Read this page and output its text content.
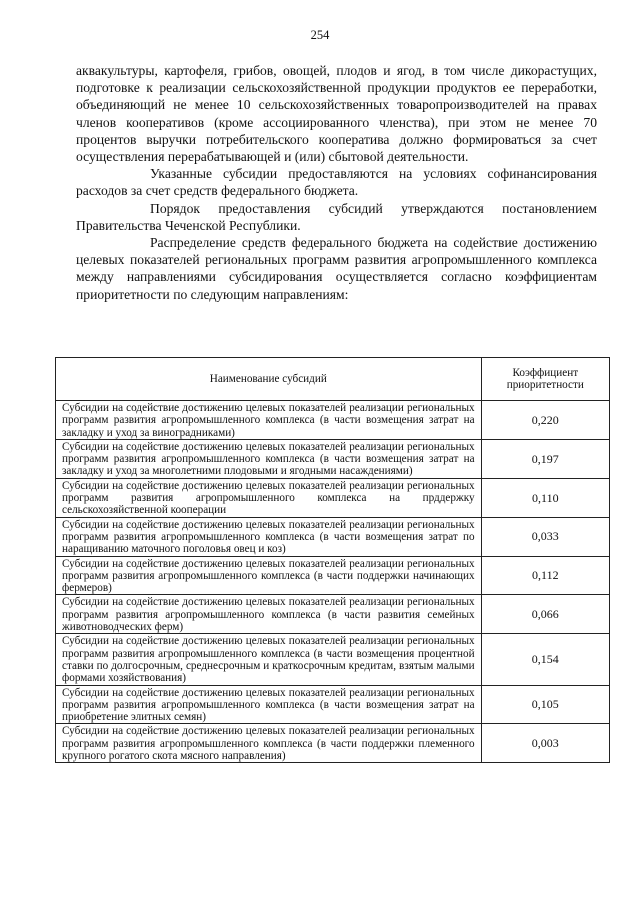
254

аквакультуры, картофеля, грибов, овощей, плодов и ягод, в том числе дикорастущих, подготовке к реализации сельскохозяйственной продукции продуктов ее переработки, объединяющий не менее 10 сельскохозяйственных товаропроизводителей на правах членов кооперативов (кроме ассоциированного членства), при этом не менее 70 процентов выручки потребительского кооператива должно формироваться за счет осуществления перерабатывающей и (или) сбытовой деятельности.

Указанные субсидии предоставляются на условиях софинансирования расходов за счет средств федерального бюджета.

Порядок предоставления субсидий утверждаются постановлением Правительства Чеченской Республики.

Распределение средств федерального бюджета на содействие достижению целевых показателей региональных программ развития агропромышленного комплекса между направлениями субсидирования осуществляется согласно коэффициентам приоритетности по следующим направлениям:

Наименование субсидий	Коэффициент приоритетности
Субсидии на содействие достижению целевых показателей реализации региональных программ развития агропромышленного комплекса (в части возмещения затрат на закладку и уход за виноградниками)	0,220
Субсидии на содействие достижению целевых показателей реализации региональных программ развития агропромышленного комплекса (в части возмещения затрат на закладку и уход за многолетними плодовыми и ягодными насаждениями)	0,197
Субсидии на содействие достижению целевых показателей реализации региональных программ развития агропромышленного комплекса на прддержку сельскохозяйственной кооперации	0,110
Субсидии на содействие достижению целевых показателей реализации региональных программ развития агропромышленного комплекса (в части возмещения затрат по наращиванию маточного поголовья овец и коз)	0,033
Субсидии на содействие достижению целевых показателей реализации региональных программ развития агропромышленного комплекса (в части поддержки начинающих фермеров)	0,112
Субсидии на содействие достижению целевых показателей реализации региональных программ развития агропромышленного комплекса (в части развития семейных животноводческих ферм)	0,066
Субсидии на содействие достижению целевых показателей реализации региональных программ развития агропромышленного комплекса (в части возмещения процентной ставки по долгосрочным, среднесрочным и краткосрочным кредитам, взятым малыми формами хозяйствования)	0,154
Субсидии на содействие достижению целевых показателей реализации региональных программ развития агропромышленного комплекса (в части возмещения затрат на приобретение элитных семян)	0,105
Субсидии на содействие достижению целевых показателей реализации региональных программ развития агропромышленного комплекса (в части поддержки племенного крупного рогатого скота мясного направления)	0,003
